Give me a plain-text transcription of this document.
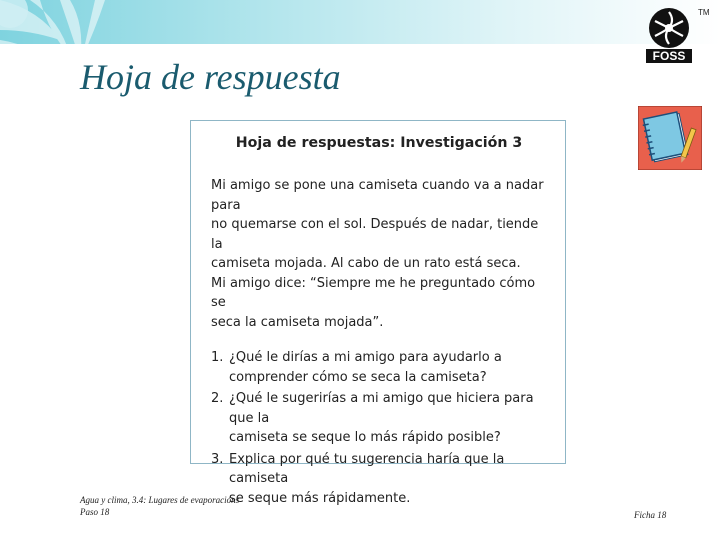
Hoja de respuesta
FOSS
TM
Hoja de respuestas: Investigación 3

Mi amigo se pone una camiseta cuando va a nadar para
no quemarse con el sol. Después de nadar, tiende la
camiseta mojada. Al cabo de un rato está seca.

Mi amigo dice: “Siempre me he preguntado cómo se
seca la camiseta mojada”.

1. ¿Qué le dirías a mi amigo para ayudarlo a
comprender cómo se seca la camiseta?
2. ¿Qué le sugerirías a mi amigo que hiciera para que la
camiseta se seque lo más rápido posible?
3. Explica por qué tu sugerencia haría que la camiseta
se seque más rápidamente.
Agua y clima, 3.4: Lugares de evaporacións
Paso 18	Ficha 18
